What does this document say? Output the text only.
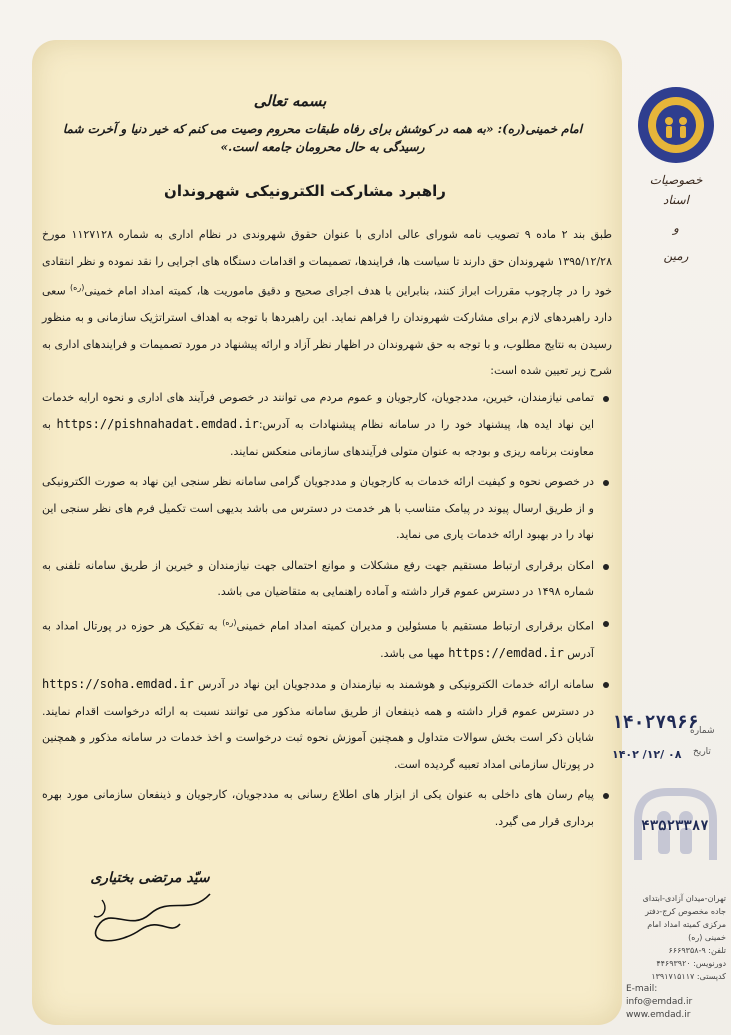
بسمه تعالی
امام خمینی(ره): «به همه در کوشش برای رفاه طبقات محروم وصیت می کنم که خیر دنیا و آخرت شما رسیدگی به حال محرومان جامعه است.»
راهبرد مشارکت الکترونیکی شهروندان

طبق بند ۲ ماده ۹ تصویب نامه شورای عالی اداری با عنوان حقوق شهروندی در نظام اداری به شماره ۱۱۲۷۱۲۸ مورخ ۱۳۹۵/۱۲/۲۸ شهروندان حق دارند تا سیاست ها، فرایندها، تصمیمات و اقدامات دستگاه های اجرایی را نقد نموده و نظر انتقادی خود را در چارچوب مقررات ابراز کنند، بنابراین با هدف اجرای صحیح و دقیق ماموریت ها، کمیته امداد امام خمینی$^{(ره)}$ سعی دارد راهبردهای لازم برای مشارکت شهروندان را فراهم نماید. این راهبردها با توجه به اهداف استراتژیک سازمانی و به منظور رسیدن به نتایج مطلوب، و با توجه به حق شهروندان در اظهار نظر آزاد و ارائه پیشنهاد در مورد تصمیمات و فرایندهای اداری به شرح زیر تعیین شده است:

تمامی نیازمندان، خیرین، مددجویان، کارجویان و عموم مردم می توانند در خصوص فرآیند های اداری و نحوه ارایه خدمات این نهاد ایده ها، پیشنهاد خود را در سامانه نظام پیشنهادات به آدرس:https://pishnahadat.emdad.ir به معاونت برنامه ریزی و بودجه به عنوان متولی فرآیندهای سازمانی منعکس نمایند.
در خصوص نحوه و کیفیت ارائه خدمات به کارجویان و مددجویان گرامی سامانه نظر سنجی این نهاد به صورت الکترونیکی و از طریق ارسال پیوند در پیامک متناسب با هر خدمت در دسترس می باشد بدیهی است تکمیل فرم های نظر سنجی این نهاد را در بهبود ارائه خدمات یاری می نماید.
امکان برقراری ارتباط مستقیم جهت رفع مشکلات و موانع احتمالی جهت نیازمندان و خیرین از طریق سامانه تلفنی به شماره ۱۴۹۸ در دسترس عموم قرار داشته و آماده راهنمایی به متقاضیان می باشد.
امکان برقراری ارتباط مستقیم با مسئولین و مدیران کمیته امداد امام خمینی$^{(ره)}$ به تفکیک هر حوزه در پورتال امداد به آدرس https://emdad.ir مهیا می باشد.
سامانه ارائه خدمات الکترونیکی و هوشمند به نیازمندان و مددجویان این نهاد در آدرس https://soha.emdad.ir در دسترس عموم قرار داشته و همه ذینفعان از طریق سامانه مذکور می توانند نسبت به ارائه درخواست اقدام نمایند. شایان ذکر است بخش سوالات متداول و همچنین آموزش نحوه ثبت درخواست و اخذ خدمات در سامانه مذکور و همچنین در پورتال سازمانی امداد تعبیه گردیده است.
پیام رسان های داخلی به عنوان یکی از ابزار های اطلاع رسانی به مددجویان، کارجویان و ذینفعان سازمانی مورد بهره برداری قرار می گیرد.
سیّد مرتضی بختیاری
خصوصیات اسناد
و
رمین
۱۴۰۲۷۹۶۶
شماره
۱۴۰۲ /۱۲/ ۰۸	تاریخ
۴۳۵۲۳۳۸۷
تهران-میدان آزادی-ابتدای جاده مخصوص کرج-دفتر مرکزی کمیته امداد امام خمینی (ره)
تلفن: ۹-۶۶۶۹۳۵۸
دورنویس: ۴۴۶۹۳۹۲۰
کدپستی: ۱۳۹۱۷۱۵۱۱۷
E-mail: info@emdad.ir
www.emdad.ir
